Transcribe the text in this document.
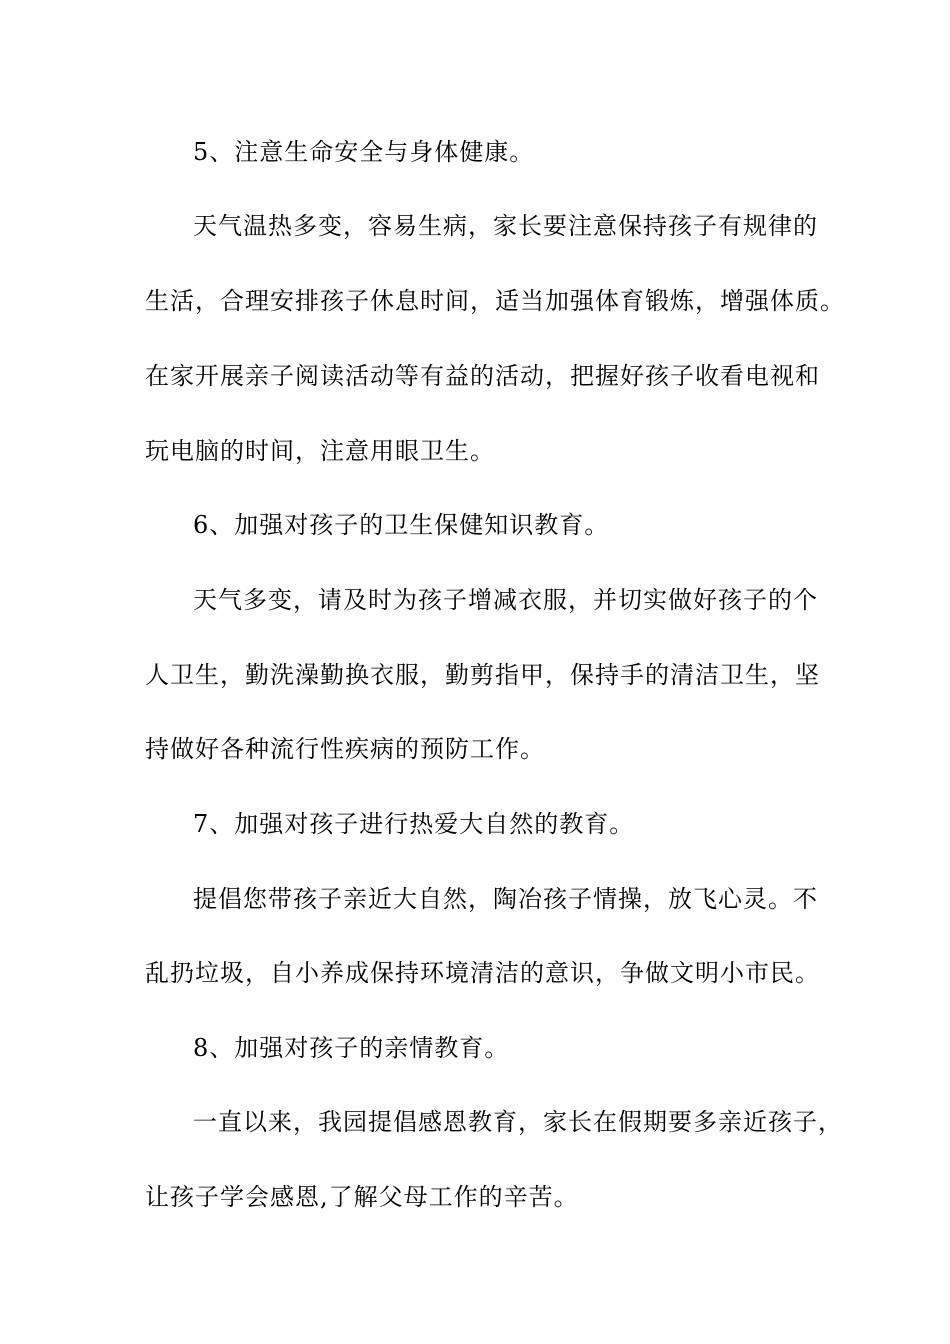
5、注意生命安全与身体健康。
天气温热多变，容易生病，家长要注意保持孩子有规律的
生活，合理安排孩子休息时间，适当加强体育锻炼，增强体质。
在家开展亲子阅读活动等有益的活动，把握好孩子收看电视和
玩电脑的时间，注意用眼卫生。
6、加强对孩子的卫生保健知识教育。
天气多变，请及时为孩子增减衣服，并切实做好孩子的个
人卫生，勤洗澡勤换衣服，勤剪指甲，保持手的清洁卫生，坚
持做好各种流行性疾病的预防工作。
7、加强对孩子进行热爱大自然的教育。
提倡您带孩子亲近大自然，陶冶孩子情操，放飞心灵。不
乱扔垃圾，自小养成保持环境清洁的意识，争做文明小市民。
8、加强对孩子的亲情教育。
一直以来，我园提倡感恩教育，家长在假期要多亲近孩子，
让孩子学会感恩,了解父母工作的辛苦。
